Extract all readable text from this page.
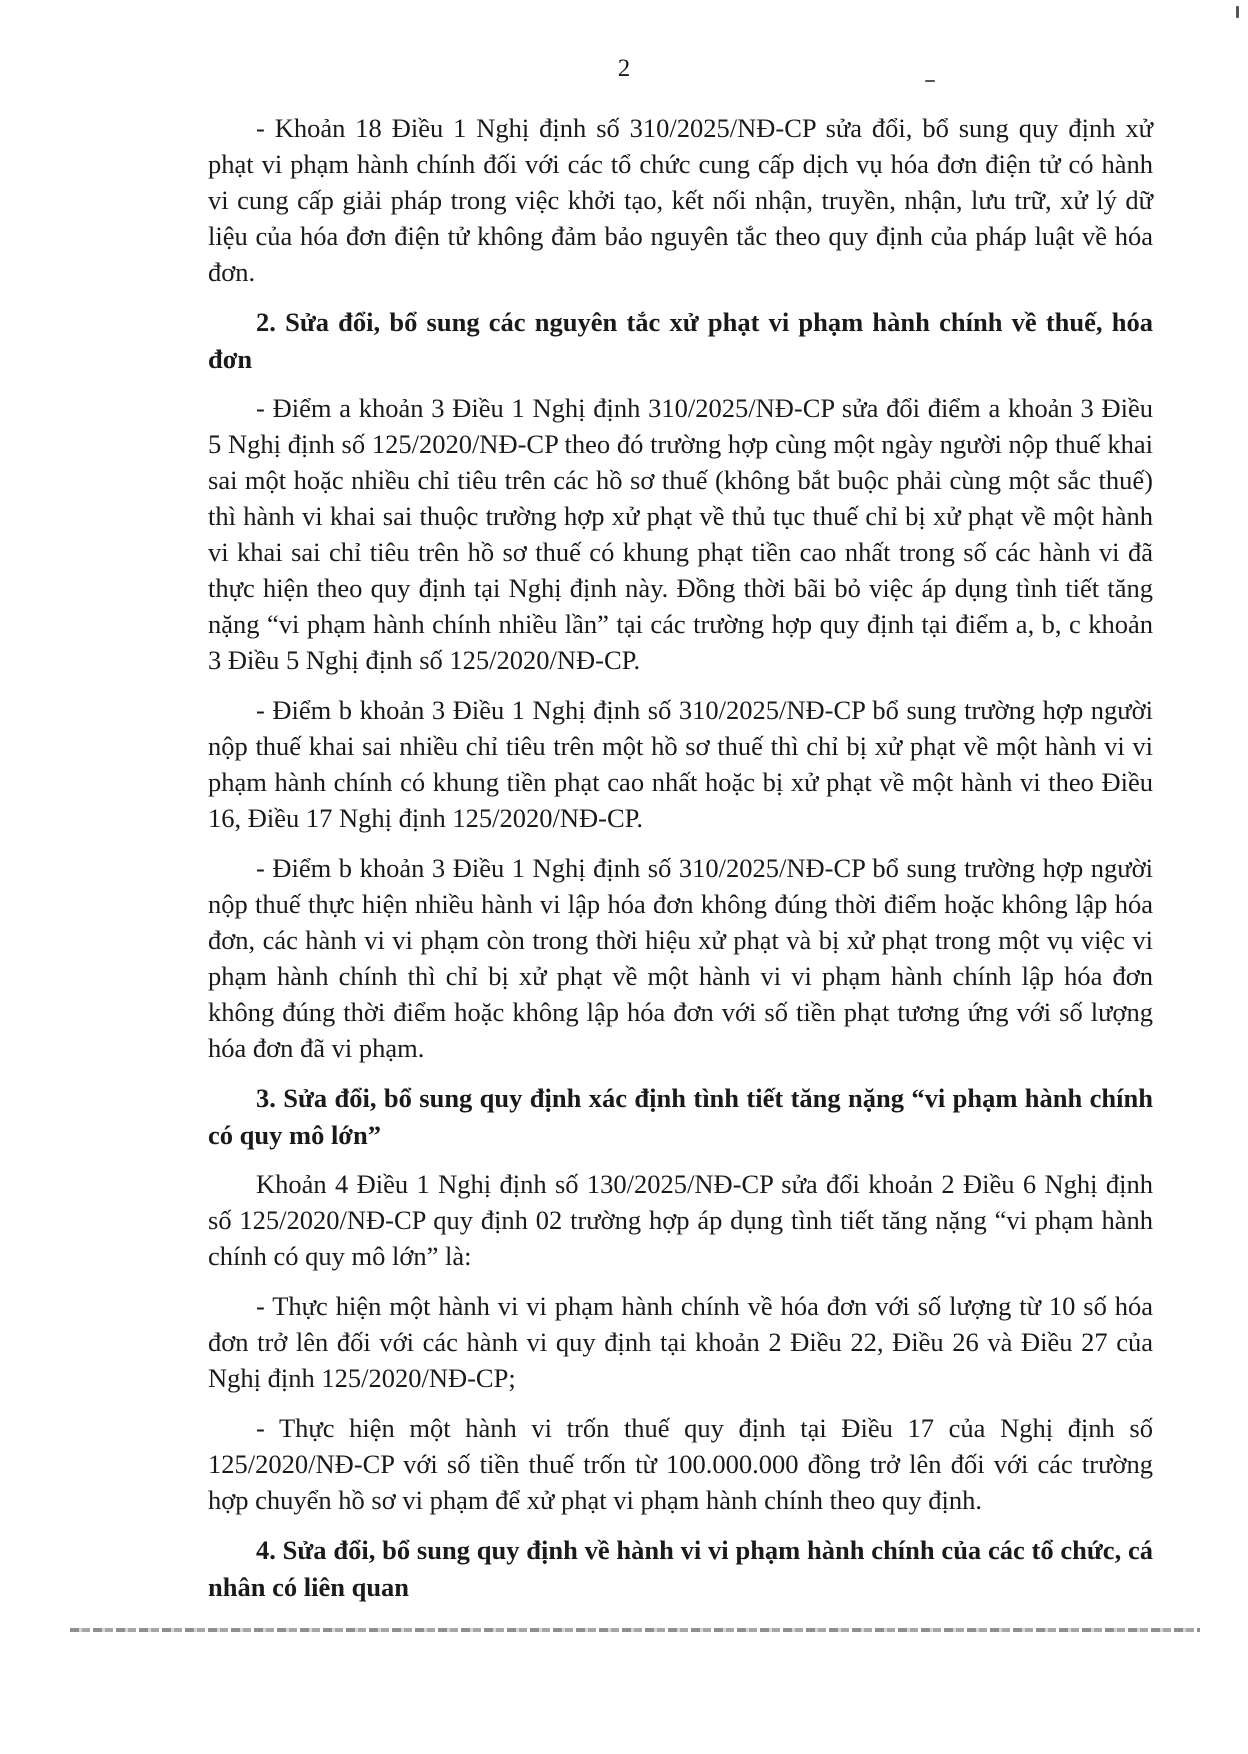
2

- Khoản 18 Điều 1 Nghị định số 310/2025/NĐ-CP sửa đổi, bổ sung quy định xử phạt vi phạm hành chính đối với các tổ chức cung cấp dịch vụ hóa đơn điện tử có hành vi cung cấp giải pháp trong việc khởi tạo, kết nối nhận, truyền, nhận, lưu trữ, xử lý dữ liệu của hóa đơn điện tử không đảm bảo nguyên tắc theo quy định của pháp luật về hóa đơn.

2. Sửa đổi, bổ sung các nguyên tắc xử phạt vi phạm hành chính về thuế, hóa đơn

- Điểm a khoản 3 Điều 1 Nghị định 310/2025/NĐ-CP sửa đổi điểm a khoản 3 Điều 5 Nghị định số 125/2020/NĐ-CP theo đó trường hợp cùng một ngày người nộp thuế khai sai một hoặc nhiều chỉ tiêu trên các hồ sơ thuế (không bắt buộc phải cùng một sắc thuế) thì hành vi khai sai thuộc trường hợp xử phạt về thủ tục thuế chỉ bị xử phạt về một hành vi khai sai chỉ tiêu trên hồ sơ thuế có khung phạt tiền cao nhất trong số các hành vi đã thực hiện theo quy định tại Nghị định này. Đồng thời bãi bỏ việc áp dụng tình tiết tăng nặng “vi phạm hành chính nhiều lần” tại các trường hợp quy định tại điểm a, b, c khoản 3 Điều 5 Nghị định số 125/2020/NĐ-CP.

- Điểm b khoản 3 Điều 1 Nghị định số 310/2025/NĐ-CP bổ sung trường hợp người nộp thuế khai sai nhiều chỉ tiêu trên một hồ sơ thuế thì chỉ bị xử phạt về một hành vi vi phạm hành chính có khung tiền phạt cao nhất hoặc bị xử phạt về một hành vi theo Điều 16, Điều 17 Nghị định 125/2020/NĐ-CP.

- Điểm b khoản 3 Điều 1 Nghị định số 310/2025/NĐ-CP bổ sung trường hợp người nộp thuế thực hiện nhiều hành vi lập hóa đơn không đúng thời điểm hoặc không lập hóa đơn, các hành vi vi phạm còn trong thời hiệu xử phạt và bị xử phạt trong một vụ việc vi phạm hành chính thì chỉ bị xử phạt về một hành vi vi phạm hành chính lập hóa đơn không đúng thời điểm hoặc không lập hóa đơn với số tiền phạt tương ứng với số lượng hóa đơn đã vi phạm.

3. Sửa đổi, bổ sung quy định xác định tình tiết tăng nặng “vi phạm hành chính có quy mô lớn”

Khoản 4 Điều 1 Nghị định số 130/2025/NĐ-CP sửa đổi khoản 2 Điều 6 Nghị định số 125/2020/NĐ-CP quy định 02 trường hợp áp dụng tình tiết tăng nặng “vi phạm hành chính có quy mô lớn” là:

- Thực hiện một hành vi vi phạm hành chính về hóa đơn với số lượng từ 10 số hóa đơn trở lên đối với các hành vi quy định tại khoản 2 Điều 22, Điều 26 và Điều 27 của Nghị định 125/2020/NĐ-CP;

- Thực hiện một hành vi trốn thuế quy định tại Điều 17 của Nghị định số 125/2020/NĐ-CP với số tiền thuế trốn từ 100.000.000 đồng trở lên đối với các trường hợp chuyển hồ sơ vi phạm để xử phạt vi phạm hành chính theo quy định.

4. Sửa đổi, bổ sung quy định về hành vi vi phạm hành chính của các tổ chức, cá nhân có liên quan
